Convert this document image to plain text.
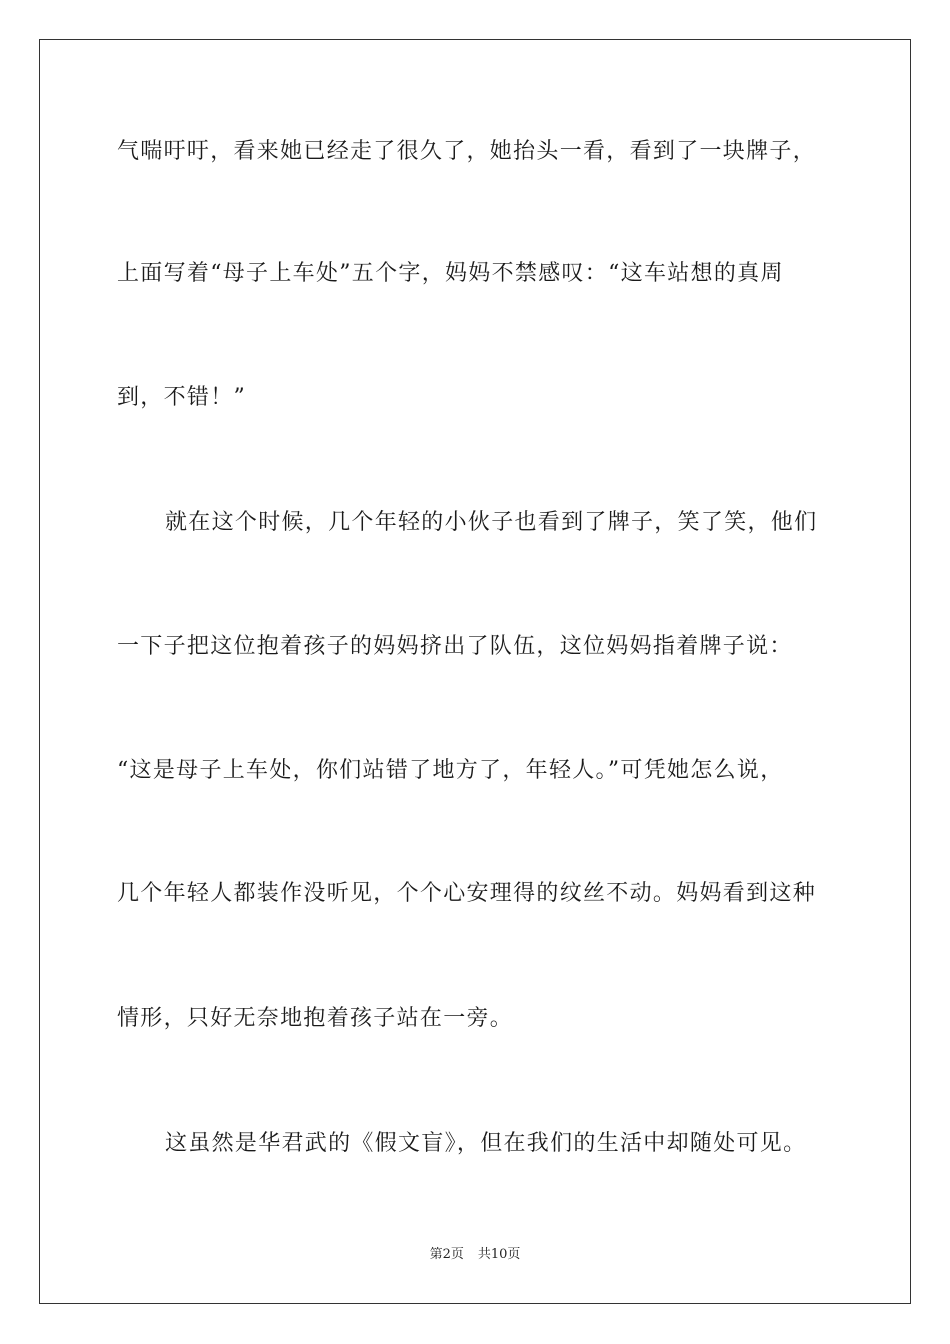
气喘吁吁，看来她已经走了很久了，她抬头一看，看到了一块牌子，
上面写着“母子上车处”五个字，妈妈不禁感叹：“这车站想的真周
到，不错！”
就在这个时候，几个年轻的小伙子也看到了牌子，笑了笑，他们
一下子把这位抱着孩子的妈妈挤出了队伍，这位妈妈指着牌子说：
“这是母子上车处，你们站错了地方了，年轻人。”可凭她怎么说，
几个年轻人都装作没听见，个个心安理得的纹丝不动。妈妈看到这种
情形，只好无奈地抱着孩子站在一旁。
这虽然是华君武的《假文盲》，但在我们的生活中却随处可见。
第2页 共10页
